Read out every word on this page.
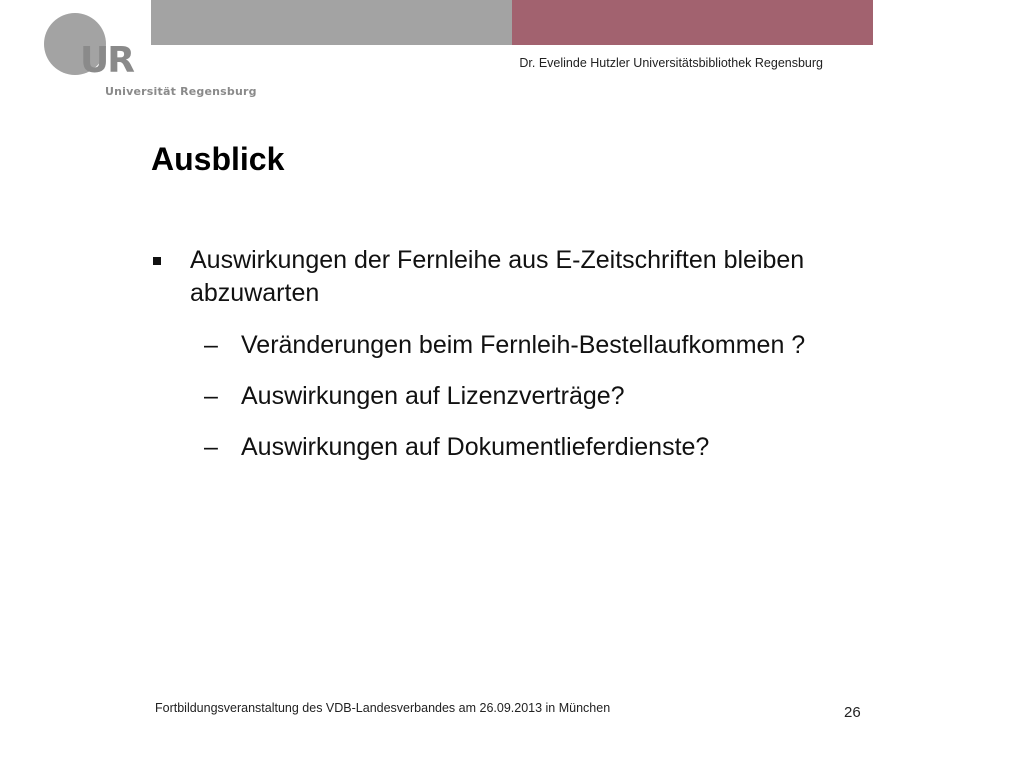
UR
Universität Regensburg
Dr. Evelinde Hutzler Universitätsbibliothek Regensburg
Ausblick
Auswirkungen der Fernleihe aus E-Zeitschriften bleiben abzuwarten
– Veränderungen beim Fernleih-Bestellaufkommen ?
– Auswirkungen auf Lizenzverträge?
– Auswirkungen auf Dokumentlieferdienste?
Fortbildungsveranstaltung des VDB-Landesverbandes am 26.09.2013 in München	26
